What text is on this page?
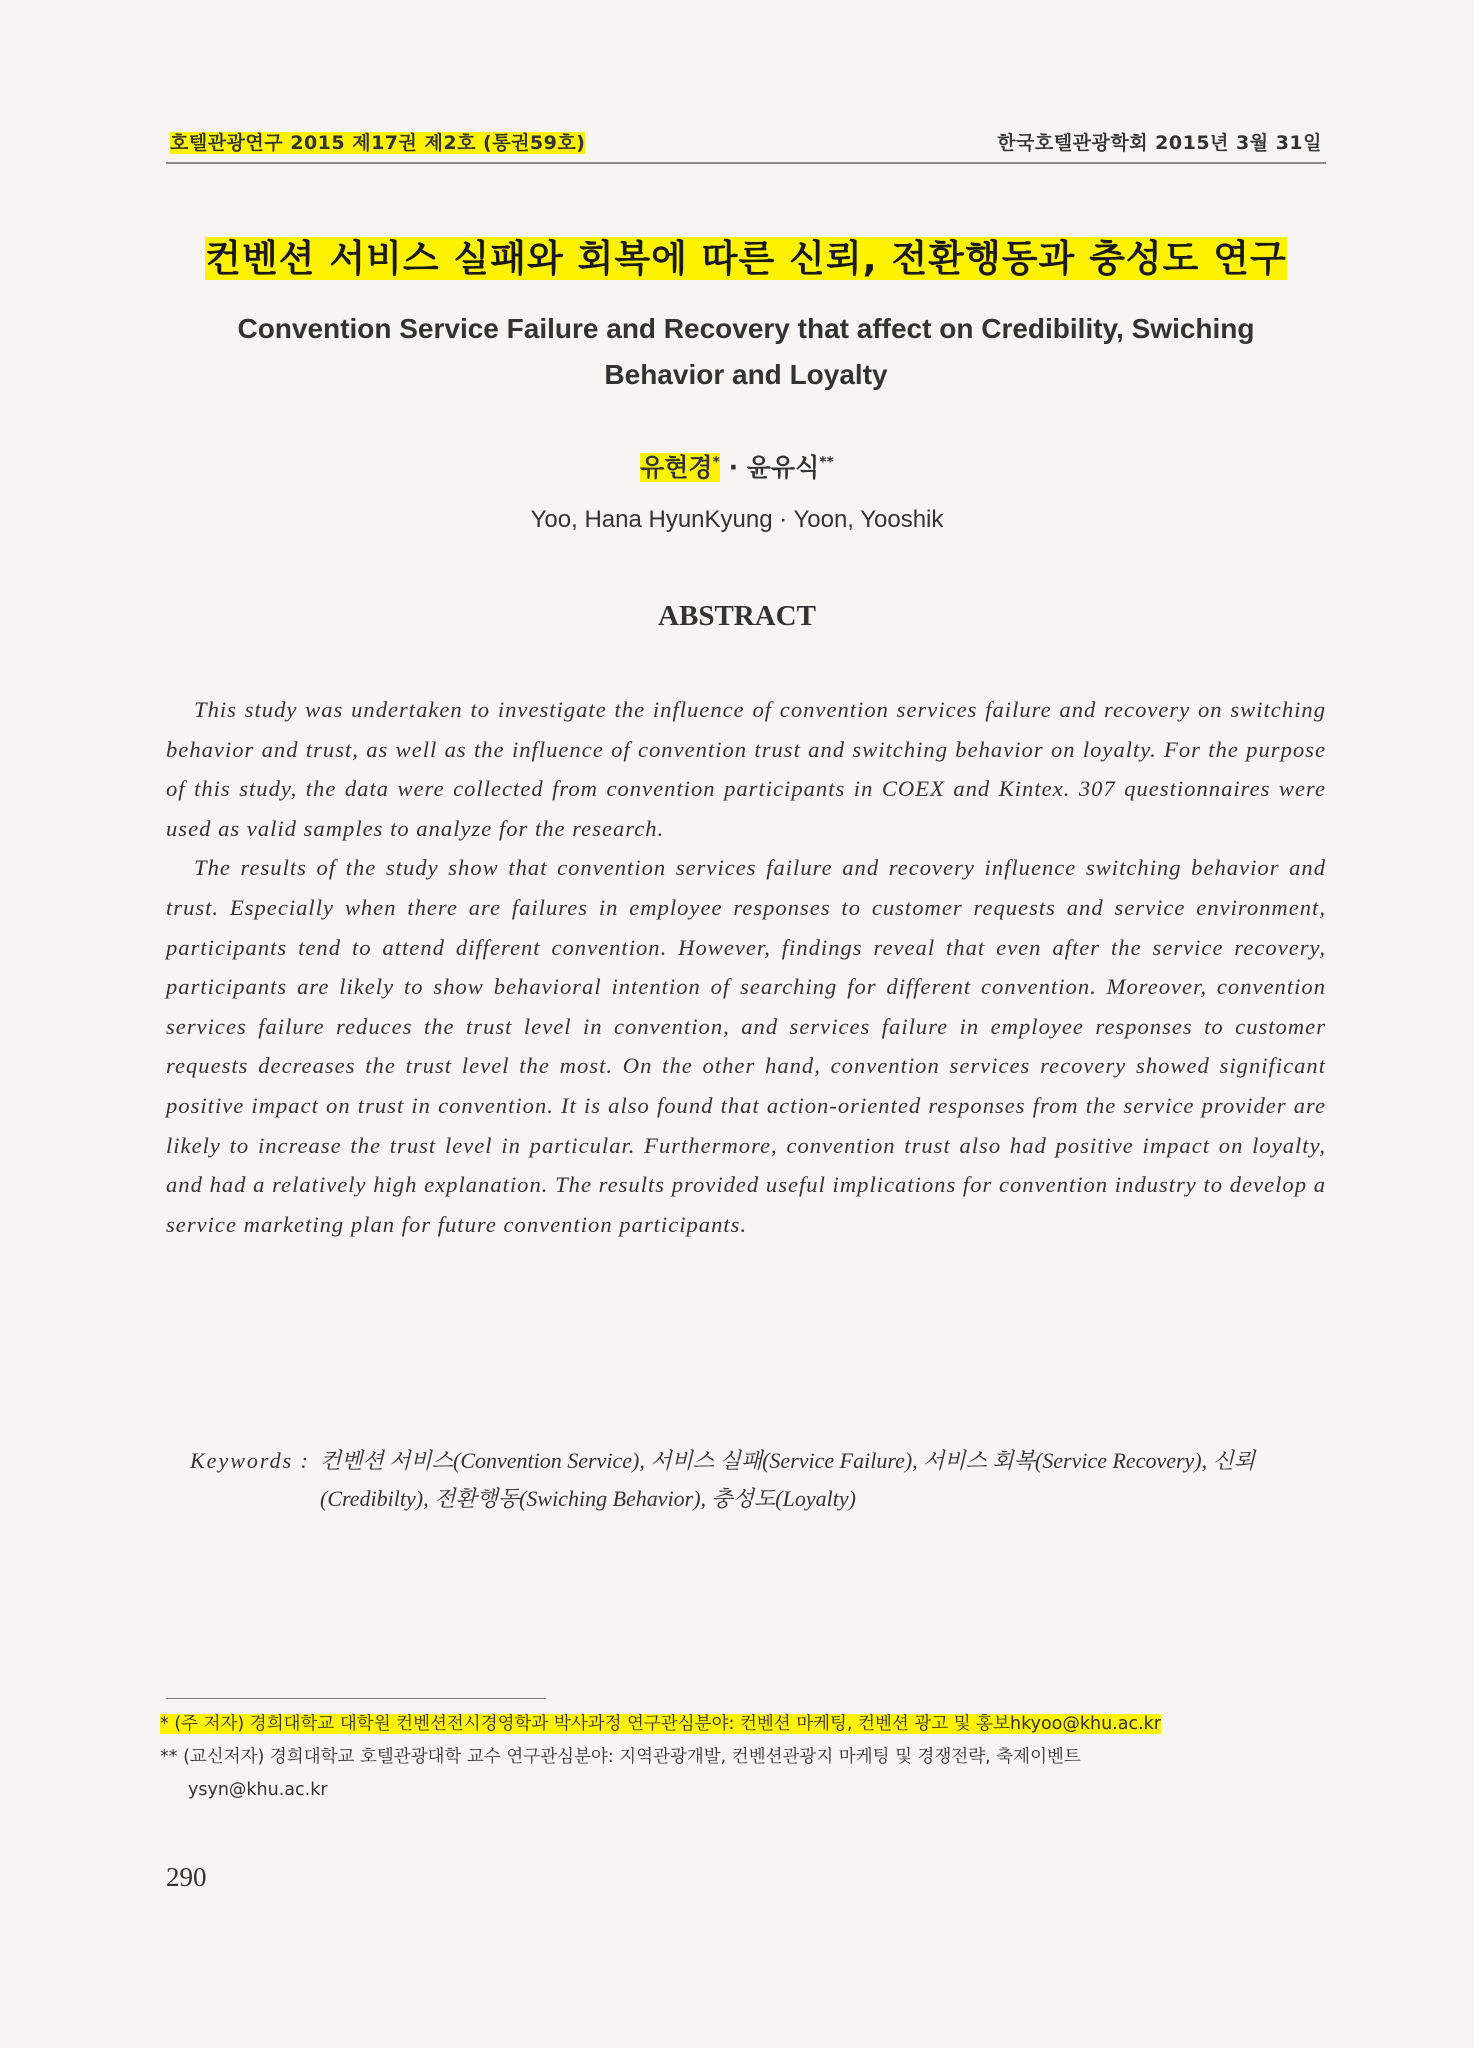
호텔관광연구 2015 제17권 제2호 (통권59호)	한국호텔관광학회 2015년 3월 31일
컨벤션 서비스 실패와 회복에 따른 신뢰, 전환행동과 충성도 연구
Convention Service Failure and Recovery that affect on Credibility, Swiching Behavior and Loyalty
유현경* · 윤유식**
Yoo, Hana HyunKyung · Yoon, Yooshik
ABSTRACT

This study was undertaken to investigate the influence of convention services failure and recovery on switching behavior and trust, as well as the influence of convention trust and switching behavior on loyalty. For the purpose of this study, the data were collected from convention participants in COEX and Kintex. 307 questionnaires were used as valid samples to analyze for the research.

The results of the study show that convention services failure and recovery influence switching behavior and trust. Especially when there are failures in employee responses to customer requests and service environment, participants tend to attend different convention. However, findings reveal that even after the service recovery, participants are likely to show behavioral intention of searching for different convention. Moreover, convention services failure reduces the trust level in convention, and services failure in employee responses to customer requests decreases the trust level the most. On the other hand, convention services recovery showed significant positive impact on trust in convention. It is also found that action-oriented responses from the service provider are likely to increase the trust level in particular. Furthermore, convention trust also had positive impact on loyalty, and had a relatively high explanation. The results provided useful implications for convention industry to develop a service marketing plan for future convention participants.

Keywords : 컨벤션 서비스(Convention Service), 서비스 실패(Service Failure), 서비스 회복(Service Recovery), 신뢰(Credibilty), 전환행동(Swiching Behavior), 충성도(Loyalty)

* (주 저자) 경희대학교 대학원 컨벤션전시경영학과 박사과정 연구관심분야: 컨벤션 마케팅, 컨벤션 광고 및 홍보hkyoo@khu.ac.kr

** (교신저자) 경희대학교 호텔관광대학 교수 연구관심분야: 지역관광개발, 컨벤션관광지 마케팅 및 경쟁전략, 축제이벤트

ysyn@khu.ac.kr

290
